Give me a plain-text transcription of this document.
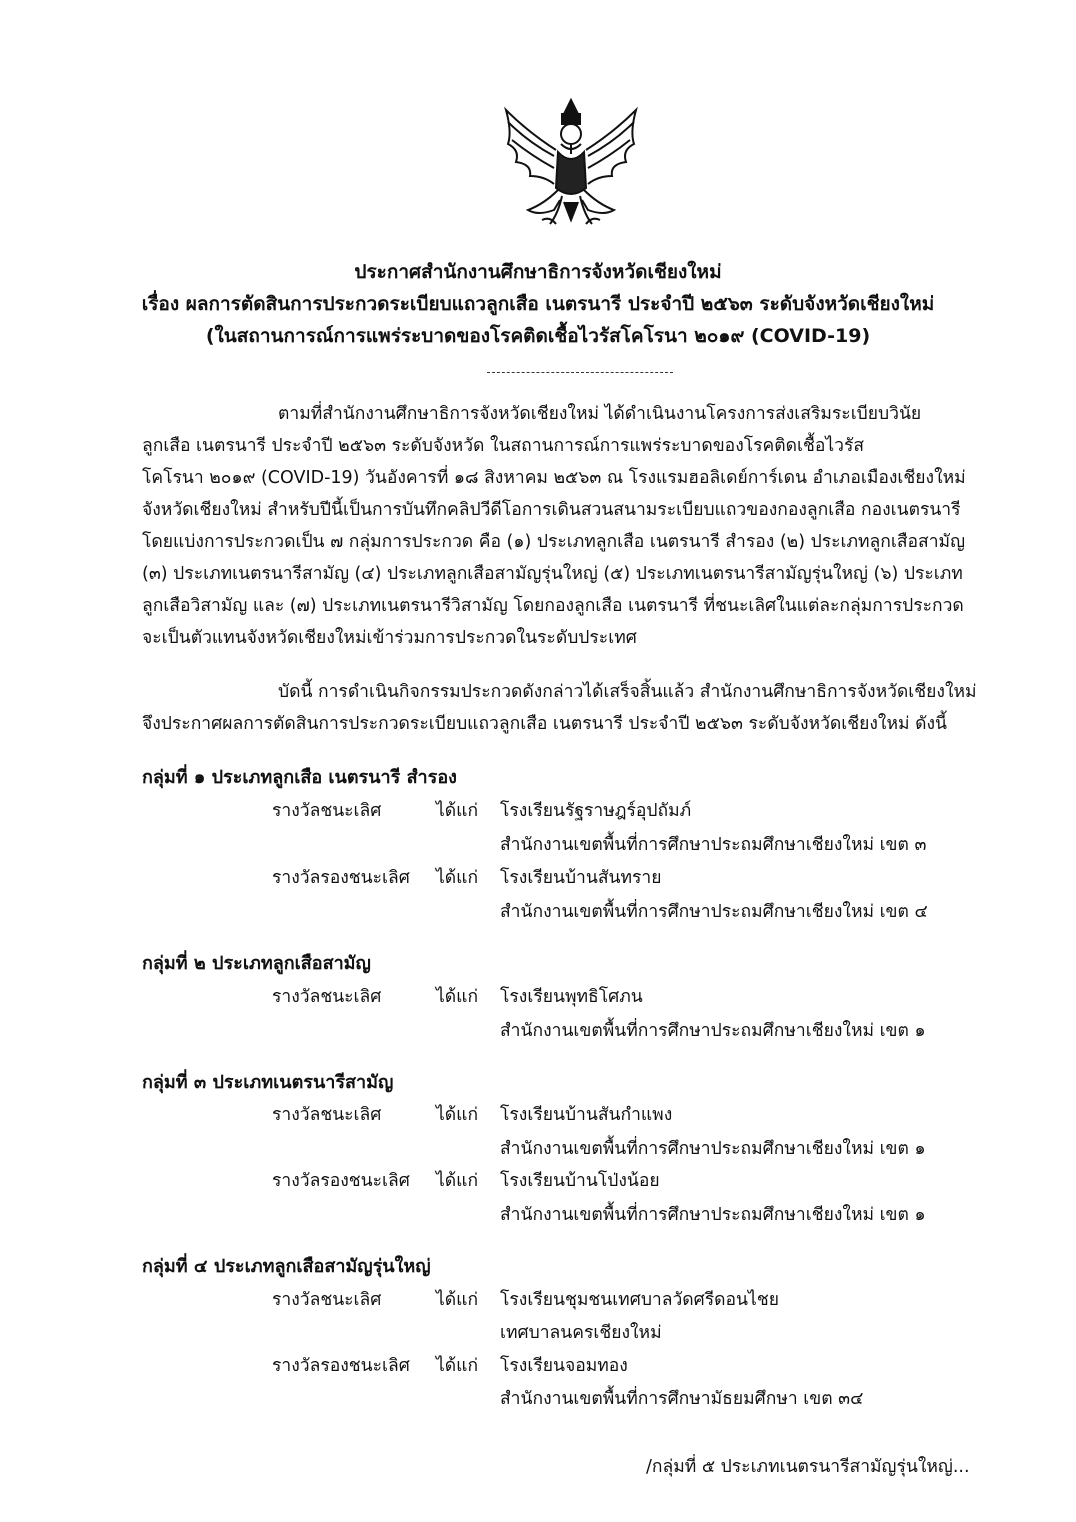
ประกาศสำนักงานศึกษาธิการจังหวัดเชียงใหม่
เรื่อง ผลการตัดสินการประกวดระเบียบแถวลูกเสือ เนตรนารี ประจำปี ๒๕๖๓ ระดับจังหวัดเชียงใหม่
(ในสถานการณ์การแพร่ระบาดของโรคติดเชื้อไวรัสโคโรนา ๒๐๑๙ (COVID-19)
ตามที่สำนักงานศึกษาธิการจังหวัดเชียงใหม่ ได้ดำเนินงานโครงการส่งเสริมระเบียบวินัย
ลูกเสือ เนตรนารี ประจำปี ๒๕๖๓ ระดับจังหวัด ในสถานการณ์การแพร่ระบาดของโรคติดเชื้อไวรัส
โคโรนา ๒๐๑๙ (COVID-19) วันอังคารที่ ๑๘ สิงหาคม ๒๕๖๓ ณ โรงแรมฮอลิเดย์การ์เดน อำเภอเมืองเชียงใหม่
จังหวัดเชียงใหม่ สำหรับปีนี้เป็นการบันทึกคลิปวีดีโอการเดินสวนสนามระเบียบแถวของกองลูกเสือ กองเนตรนารี
โดยแบ่งการประกวดเป็น ๗ กลุ่มการประกวด คือ (๑) ประเภทลูกเสือ เนตรนารี สำรอง (๒) ประเภทลูกเสือสามัญ
(๓) ประเภทเนตรนารีสามัญ (๔) ประเภทลูกเสือสามัญรุ่นใหญ่ (๕) ประเภทเนตรนารีสามัญรุ่นใหญ่ (๖) ประเภท
ลูกเสือวิสามัญ และ (๗) ประเภทเนตรนารีวิสามัญ โดยกองลูกเสือ เนตรนารี ที่ชนะเลิศในแต่ละกลุ่มการประกวด
จะเป็นตัวแทนจังหวัดเชียงใหม่เข้าร่วมการประกวดในระดับประเทศ
บัดนี้ การดำเนินกิจกรรมประกวดดังกล่าวได้เสร็จสิ้นแล้ว สำนักงานศึกษาธิการจังหวัดเชียงใหม่
จึงประกาศผลการตัดสินการประกวดระเบียบแถวลูกเสือ เนตรนารี ประจำปี ๒๕๖๓ ระดับจังหวัดเชียงใหม่ ดังนี้
กลุ่มที่ ๑ ประเภทลูกเสือ เนตรนารี สำรอง
รางวัลชนะเลิศ	ได้แก่ โรงเรียนรัฐราษฎร์อุปถัมภ์
สำนักงานเขตพื้นที่การศึกษาประถมศึกษาเชียงใหม่ เขต ๓
รางวัลรองชนะเลิศ ได้แก่ โรงเรียนบ้านสันทราย
สำนักงานเขตพื้นที่การศึกษาประถมศึกษาเชียงใหม่ เขต ๔
กลุ่มที่ ๒ ประเภทลูกเสือสามัญ
รางวัลชนะเลิศ	ได้แก่ โรงเรียนพุทธิโศภน
สำนักงานเขตพื้นที่การศึกษาประถมศึกษาเชียงใหม่ เขต ๑
กลุ่มที่ ๓ ประเภทเนตรนารีสามัญ
รางวัลชนะเลิศ	ได้แก่ โรงเรียนบ้านสันกำแพง
สำนักงานเขตพื้นที่การศึกษาประถมศึกษาเชียงใหม่ เขต ๑
รางวัลรองชนะเลิศ ได้แก่ โรงเรียนบ้านโป่งน้อย
สำนักงานเขตพื้นที่การศึกษาประถมศึกษาเชียงใหม่ เขต ๑
กลุ่มที่ ๔ ประเภทลูกเสือสามัญรุ่นใหญ่
รางวัลชนะเลิศ	ได้แก่ โรงเรียนชุมชนเทศบาลวัดศรีดอนไชย
เทศบาลนครเชียงใหม่
รางวัลรองชนะเลิศ ได้แก่ โรงเรียนจอมทอง
สำนักงานเขตพื้นที่การศึกษามัธยมศึกษา เขต ๓๔
/กลุ่มที่ ๕ ประเภทเนตรนารีสามัญรุ่นใหญ่...
